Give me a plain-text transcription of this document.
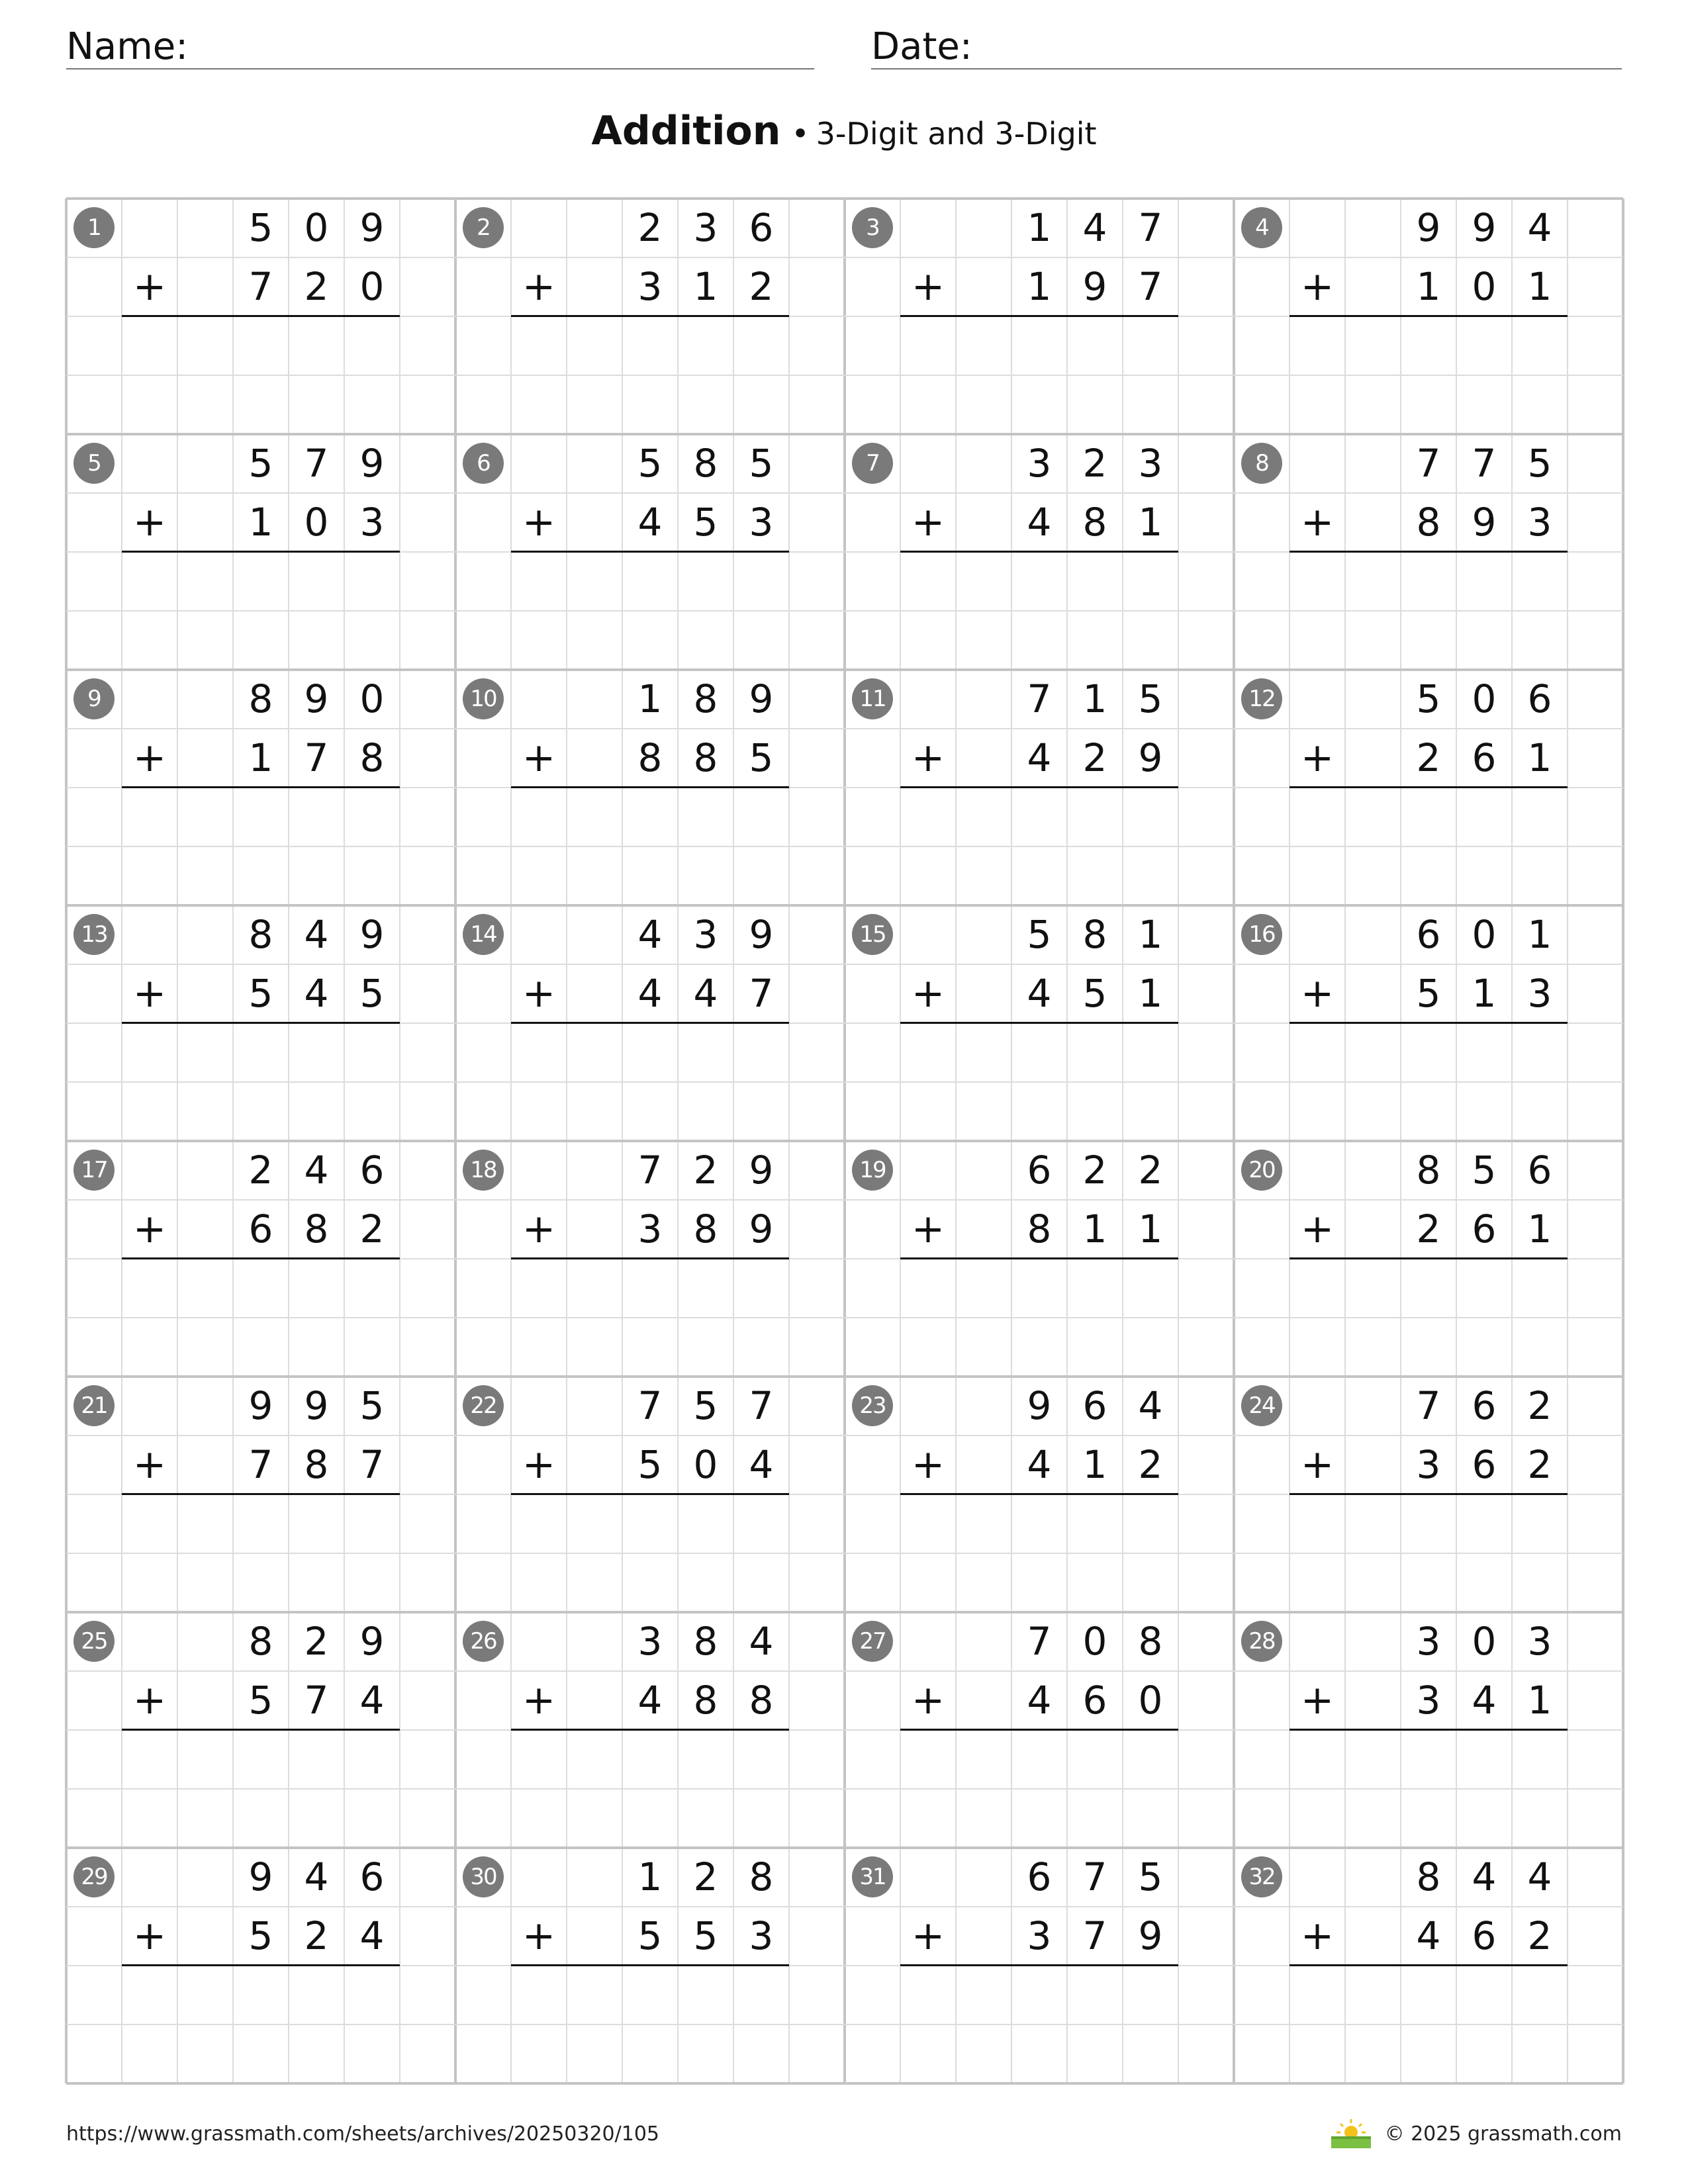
Name:	Date:
Addition • 3-Digit and 3-Digit
1	5 0 9
+	7 2 0
2	2 3 6
+	3 1 2
3	1 4 7
+	1 9 7
4	9 9 4
+	1 0 1
5	5 7 9
+	1 0 3
6	5 8 5
+	4 5 3
7	3 2 3
+	4 8 1
8	7 7 5
+	8 9 3
9	8 9 0
+	1 7 8
10	1 8 9
+	8 8 5
11	7 1 5
+	4 2 9
12	5 0 6
+	2 6 1
13	8 4 9
+	5 4 5
14	4 3 9
+	4 4 7
15	5 8 1
+	4 5 1
16	6 0 1
+	5 1 3
17	2 4 6
+	6 8 2
18	7 2 9
+	3 8 9
19	6 2 2
+	8 1 1
20	8 5 6
+	2 6 1
21	9 9 5
+	7 8 7
22	7 5 7
+	5 0 4
23	9 6 4
+	4 1 2
24	7 6 2
+	3 6 2
25	8 2 9
+	5 7 4
26	3 8 4
+	4 8 8
27	7 0 8
+	4 6 0
28	3 0 3
+	3 4 1
29	9 4 6
+	5 2 4
30	1 2 8
+	5 5 3
31	6 7 5
+	3 7 9
32	8 4 4
+	4 6 2
https://www.grassmath.com/sheets/archives/20250320/105	© 2025 grassmath.com
